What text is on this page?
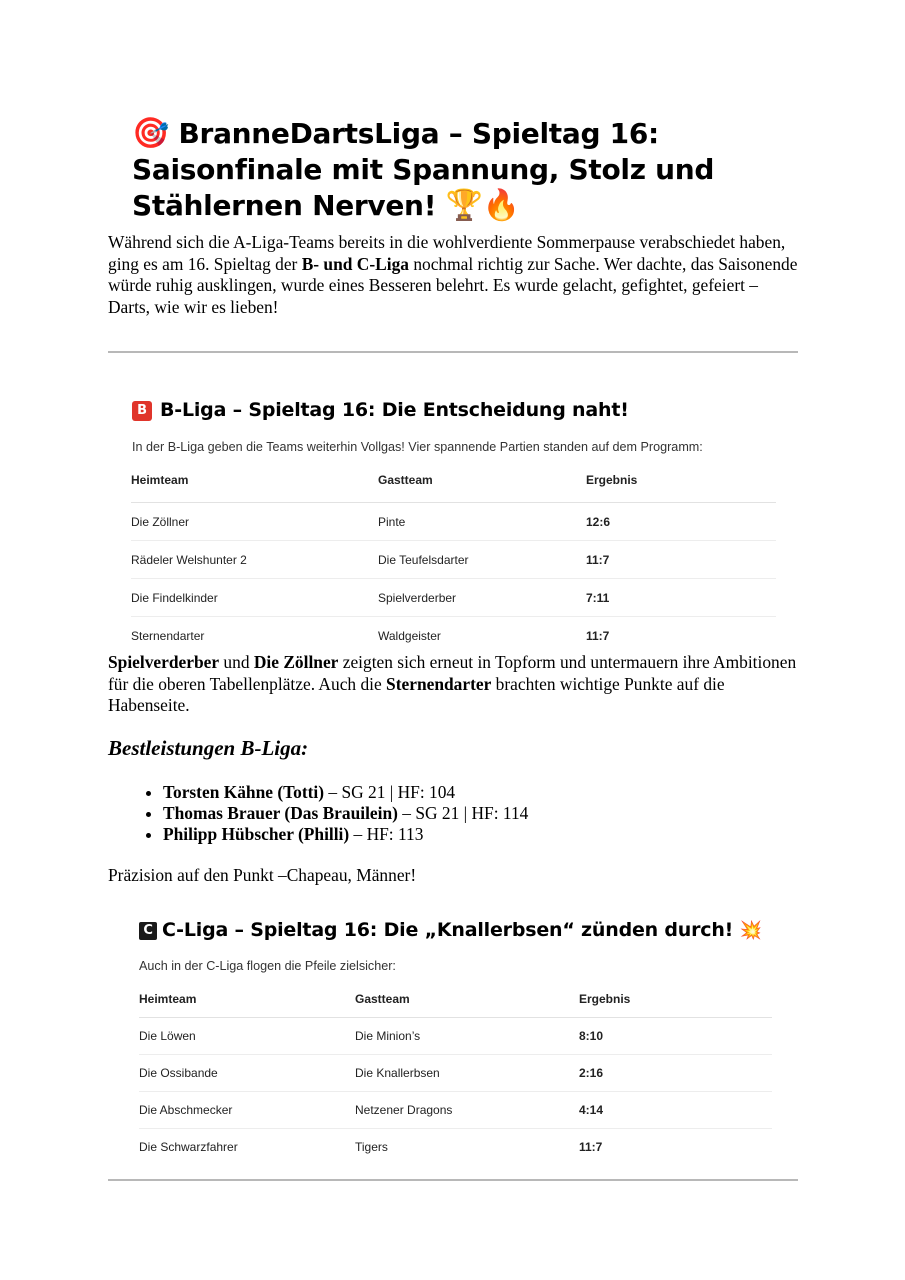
🎯 BranneDartsLiga – Spieltag 16: Saisonfinale mit Spannung, Stolz und Stählernen Nerven! 🏆🔥

Während sich die A-Liga-Teams bereits in die wohlverdiente Sommerpause verabschiedet haben, ging es am 16. Spieltag der B- und C-Liga nochmal richtig zur Sache. Wer dachte, das Saisonende würde ruhig ausklingen, wurde eines Besseren belehrt. Es wurde gelacht, gefightet, gefeiert – Darts, wie wir es lieben!

B B-Liga – Spieltag 16: Die Entscheidung naht!

In der B-Liga geben die Teams weiterhin Vollgas! Vier spannende Partien standen auf dem Programm:

Heimteam	Gastteam	Ergebnis
Die Zöllner	Pinte	12:6
Rädeler Welshunter 2	Die Teufelsdarter	11:7
Die Findelkinder	Spielverderber	7:11
Sternendarter	Waldgeister	11:7

Spielverderber und Die Zöllner zeigten sich erneut in Topform und untermauern ihre Ambitionen für die oberen Tabellenplätze. Auch die Sternendarter brachten wichtige Punkte auf die Habenseite.

Bestleistungen B-Liga:
• Torsten Kähne (Totti) – SG 21 | HF: 104
• Thomas Brauer (Das Brauilein) – SG 21 | HF: 114
• Philipp Hübscher (Philli) – HF: 113

Präzision auf den Punkt –Chapeau, Männer!

C C-Liga – Spieltag 16: Die „Knallerbsen“ zünden durch! 💥

Auch in der C-Liga flogen die Pfeile zielsicher:

Heimteam	Gastteam	Ergebnis
Die Löwen	Die Minion’s	8:10
Die Ossibande	Die Knallerbsen	2:16
Die Abschmecker	Netzener Dragons	4:14
Die Schwarzfahrer	Tigers	11:7
